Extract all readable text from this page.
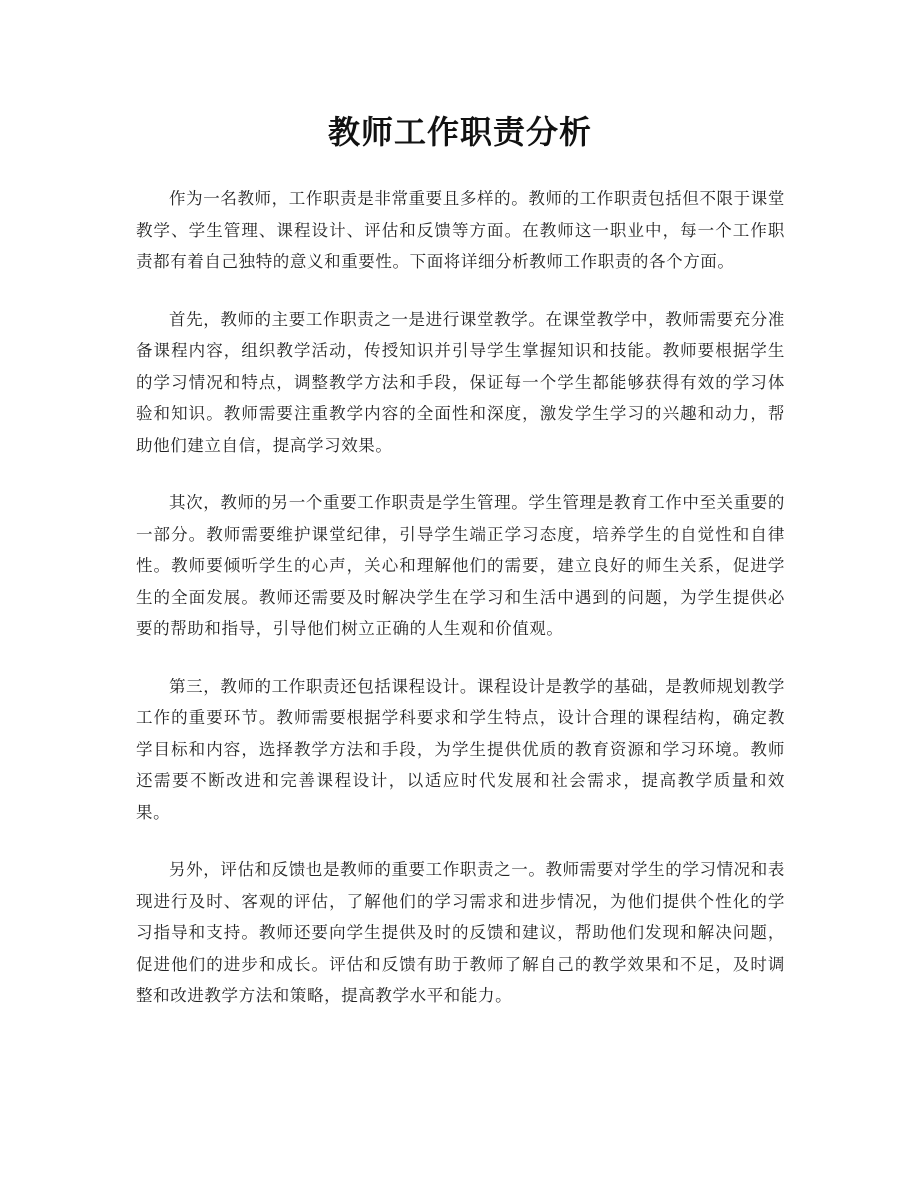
教师工作职责分析

作为一名教师，工作职责是非常重要且多样的。教师的工作职责包括但不限于课堂教学、学生管理、课程设计、评估和反馈等方面。在教师这一职业中，每一个工作职责都有着自己独特的意义和重要性。下面将详细分析教师工作职责的各个方面。

首先，教师的主要工作职责之一是进行课堂教学。在课堂教学中，教师需要充分准备课程内容，组织教学活动，传授知识并引导学生掌握知识和技能。教师要根据学生的学习情况和特点，调整教学方法和手段，保证每一个学生都能够获得有效的学习体验和知识。教师需要注重教学内容的全面性和深度，激发学生学习的兴趣和动力，帮助他们建立自信，提高学习效果。

其次，教师的另一个重要工作职责是学生管理。学生管理是教育工作中至关重要的一部分。教师需要维护课堂纪律，引导学生端正学习态度，培养学生的自觉性和自律性。教师要倾听学生的心声，关心和理解他们的需要，建立良好的师生关系，促进学生的全面发展。教师还需要及时解决学生在学习和生活中遇到的问题，为学生提供必要的帮助和指导，引导他们树立正确的人生观和价值观。

第三，教师的工作职责还包括课程设计。课程设计是教学的基础，是教师规划教学工作的重要环节。教师需要根据学科要求和学生特点，设计合理的课程结构，确定教学目标和内容，选择教学方法和手段，为学生提供优质的教育资源和学习环境。教师还需要不断改进和完善课程设计，以适应时代发展和社会需求，提高教学质量和效果。

另外，评估和反馈也是教师的重要工作职责之一。教师需要对学生的学习情况和表现进行及时、客观的评估，了解他们的学习需求和进步情况，为他们提供个性化的学习指导和支持。教师还要向学生提供及时的反馈和建议，帮助他们发现和解决问题，促进他们的进步和成长。评估和反馈有助于教师了解自己的教学效果和不足，及时调整和改进教学方法和策略，提高教学水平和能力。
